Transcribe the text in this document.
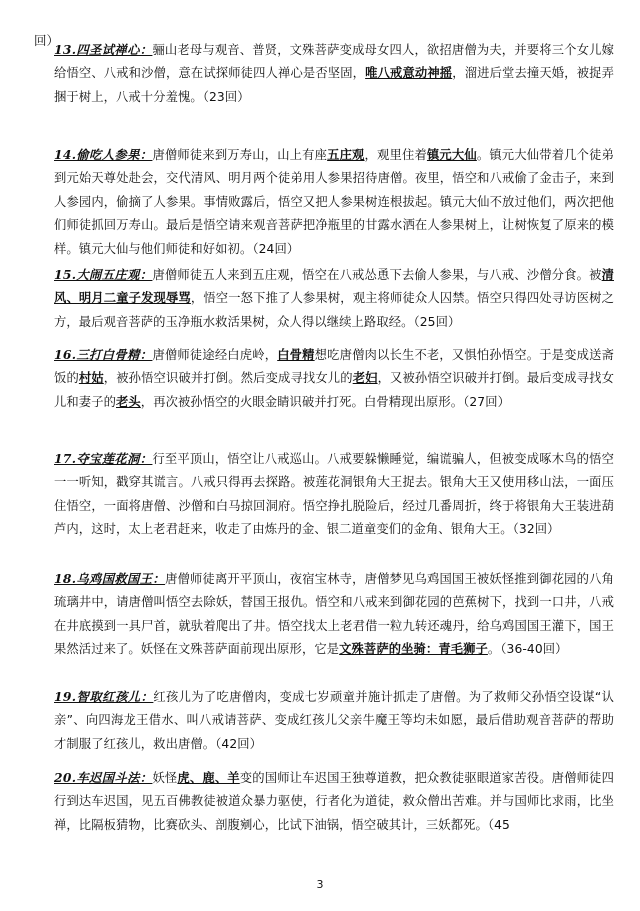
回）
13.四圣试禅心：骊山老母与观音、普贤，文殊菩萨变成母女四人，欲招唐僧为夫，并要将三个女儿嫁给悟空、八戒和沙僧，意在试探师徒四人禅心是否坚固，唯八戒意动神摇，溜进后堂去撞天婚，被捉弄捆于树上，八戒十分羞愧。（23回）
14.偷吃人参果：唐僧师徒来到万寿山，山上有座五庄观，观里住着镇元大仙。镇元大仙带着几个徒弟到元始天尊处赴会，交代清风、明月两个徒弟用人参果招待唐僧。夜里，悟空和八戒偷了金击子，来到人参园内，偷摘了人参果。事情败露后，悟空又把人参果树连根拔起。镇元大仙不放过他们，两次把他们师徒抓回万寿山。最后是悟空请来观音菩萨把净瓶里的甘露水洒在人参果树上，让树恢复了原来的模样。镇元大仙与他们师徒和好如初。（24回）
15.大闹五庄观：唐僧师徒五人来到五庄观，悟空在八戒怂恿下去偷人参果，与八戒、沙僧分食。被清风、明月二童子发现辱骂，悟空一怒下推了人参果树，观主将师徒众人囚禁。悟空只得四处寻访医树之方，最后观音菩萨的玉净瓶水救活果树，众人得以继续上路取经。（25回）
16.三打白骨精：唐僧师徒途经白虎岭，白骨精想吃唐僧肉以长生不老，又惧怕孙悟空。于是变成送斋饭的村姑，被孙悟空识破并打倒。然后变成寻找女儿的老妇，又被孙悟空识破并打倒。最后变成寻找女儿和妻子的老头，再次被孙悟空的火眼金睛识破并打死。白骨精现出原形。（27回）
17.夺宝莲花洞：行至平顶山，悟空让八戒巡山。八戒要躲懒睡觉，编谎骗人，但被变成啄木鸟的悟空一一听知，戳穿其谎言。八戒只得再去探路。被莲花洞银角大王捉去。银角大王又使用移山法，一面压住悟空，一面将唐僧、沙僧和白马掠回洞府。悟空挣扎脱险后，经过几番周折，终于将银角大王装进葫芦内，这时，太上老君赶来，收走了由炼丹的金、银二道童变们的金角、银角大王。（32回）
18.乌鸡国救国王：唐僧师徒离开平顶山，夜宿宝林寺，唐僧梦见乌鸡国国王被妖怪推到御花园的八角琉璃井中，请唐僧叫悟空去除妖，替国王报仇。悟空和八戒来到御花园的芭蕉树下，找到一口井，八戒在井底摸到一具尸首，就驮着爬出了井。悟空找太上老君借一粒九转还魂丹，给乌鸡国国王灌下，国王果然活过来了。妖怪在文殊菩萨面前现出原形，它是文殊菩萨的坐骑：青毛狮子。（36-40回）
19.智取红孩儿：红孩儿为了吃唐僧肉，变成七岁顽童并施计抓走了唐僧。为了救师父孙悟空设谋“认亲”、向四海龙王借水、叫八戒请菩萨、变成红孩儿父亲牛魔王等均未如愿，最后借助观音菩萨的帮助才制服了红孩儿，救出唐僧。（42回）
20.车迟国斗法：妖怪虎、鹿、羊变的国师让车迟国王独尊道教，把众教徒驱眼道家苦役。唐僧师徒四行到达车迟国，见五百佛教徒被道众暴力驱使，行者化为道徒，救众僧出苦难。并与国师比求雨，比坐禅，比隔板猜物，比赛砍头、剖腹剜心，比试下油锅，悟空破其计，三妖都死。（45
3
